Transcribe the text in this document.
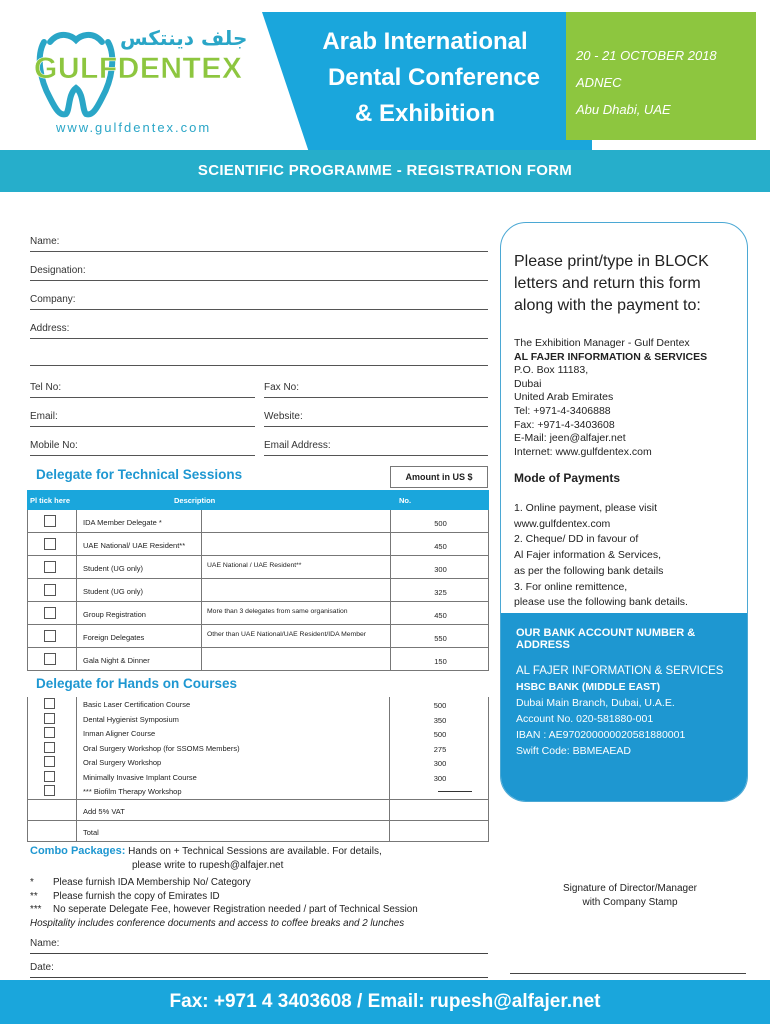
جلف دينتكس
GULFDENTEX
www.gulfdentex.com
Arab International
Dental Conference
& Exhibition
20 - 21 OCTOBER 2018
ADNEC
Abu Dhabi, UAE
SCIENTIFIC PROGRAMME - REGISTRATION FORM
Name:
Designation:
Company:
Address:
Tel No:	Fax No:
Email:	Website:
Mobile No:	Email Address:
Please print/type in BLOCK letters and return this form along with the payment to:
The Exhibition Manager - Gulf Dentex
AL FAJER INFORMATION & SERVICES
P.O. Box 11183,
Dubai
United Arab Emirates
Tel: +971-4-3406888
Fax: +971-4-3403608
E-Mail: jeen@alfajer.net
Internet: www.gulfdentex.com
Mode of Payments
1. Online payment, please visit
www.gulfdentex.com
2. Cheque/ DD in favour of
Al Fajer information & Services,
as per the following bank details
3. For online remittence,
please use the following bank details.
OUR BANK ACCOUNT NUMBER & ADDRESS
AL FAJER INFORMATION & SERVICES
HSBC BANK (MIDDLE EAST)
Dubai Main Branch, Dubai, U.A.E.
Account No. 020-581880-001
IBAN : AE970200000020581880001
Swift Code: BBMEAEAD
Delegate for Technical Sessions	Amount in US $
Pl tick here	Description	No.
IDA Member Delegate *	500
UAE National/ UAE Resident**	450
Student (UG only)	UAE National / UAE Resident**	300
Student (UG only)	325
Group Registration	More than 3 delegates from same organisation	450
Foreign Delegates	Other than UAE National/UAE Resident/IDA Member	550
Gala Night & Dinner	150
Delegate for Hands on Courses
Basic Laser Certification Course	500
Dental Hygienist Symposium	350
Inman Aligner Course	500
Oral Surgery Workshop (for SSOMS Members)	275
Oral Surgery Workshop	300
Minimally Invasive Implant Course	300
*** Biofilm Therapy Workshop
Add 5% VAT
Total
Combo Packages: Hands on + Technical Sessions are available. For details,
please write to rupesh@alfajer.net
* Please furnish IDA Membership No/ Category
** Please furnish the copy of Emirates ID
*** No seperate Delegate Fee, however Registration needed / part of Technical Session
Hospitality includes conference documents and access to coffee breaks and 2 lunches
Signature of Director/Manager
with Company Stamp
Name:
Date:
Fax: +971 4 3403608 / Email: rupesh@alfajer.net
